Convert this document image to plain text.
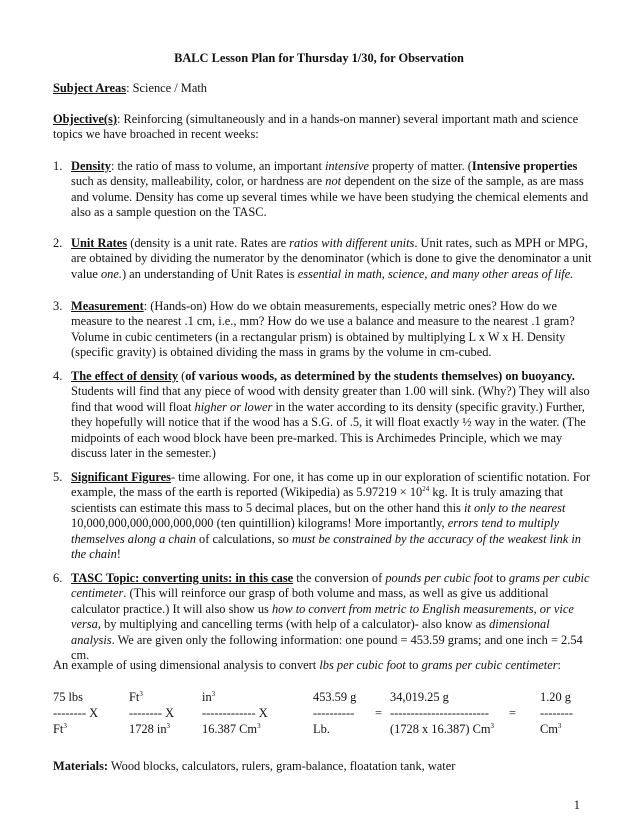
BALC Lesson Plan for Thursday 1/30, for Observation
Subject Areas: Science / Math
Objective(s): Reinforcing (simultaneously and in a hands-on manner) several important math and science topics we have broached in recent weeks:
1. Density: the ratio of mass to volume, an important intensive property of matter. (Intensive properties such as density, malleability, color, or hardness are not dependent on the size of the sample, as are mass and volume. Density has come up several times while we have been studying the chemical elements and also as a sample question on the TASC.
2. Unit Rates (density is a unit rate. Rates are ratios with different units. Unit rates, such as MPH or MPG, are obtained by dividing the numerator by the denominator (which is done to give the denominator a unit value one.) an understanding of Unit Rates is essential in math, science, and many other areas of life.
3. Measurement: (Hands-on) How do we obtain measurements, especially metric ones? How do we measure to the nearest .1 cm, i.e., mm? How do we use a balance and measure to the nearest .1 gram? Volume in cubic centimeters (in a rectangular prism) is obtained by multiplying L x W x H. Density (specific gravity) is obtained dividing the mass in grams by the volume in cm-cubed.
4. The effect of density (of various woods, as determined by the students themselves) on buoyancy. Students will find that any piece of wood with density greater than 1.00 will sink. (Why?) They will also find that wood will float higher or lower in the water according to its density (specific gravity.) Further, they hopefully will notice that if the wood has a S.G. of .5, it will float exactly ½ way in the water. (The midpoints of each wood block have been pre-marked. This is Archimedes Principle, which we may discuss later in the semester.)
5. Significant Figures- time allowing. For one, it has come up in our exploration of scientific notation. For example, the mass of the earth is reported (Wikipedia) as $5.97219 \times 10^{24}$ kg. It is truly amazing that scientists can estimate this mass to 5 decimal places, but on the other hand this it only to the nearest 10,000,000,000,000,000,000 (ten quintillion) kilograms! More importantly, errors tend to multiply themselves along a chain of calculations, so must be constrained by the accuracy of the weakest link in the chain!
6. TASC Topic: converting units: in this case the conversion of pounds per cubic foot to grams per cubic centimeter. (This will reinforce our grasp of both volume and mass, as well as give us additional calculator practice.) It will also show us how to convert from metric to English measurements, or vice versa, by multiplying and cancelling terms (with help of a calculator)- also know as dimensional analysis. We are given only the following information: one pound = 453.59 grams; and one inch = 2.54 cm.
An example of using dimensional analysis to convert lbs per cubic foot to grams per cubic centimeter:
75 lbs	Ft$^3$	$in^3$	453.59 g	34,019.25 g	1.20 g
-------- X -------- X ------------- X	---------- = ------------------------ = --------
Ft$^3$	1728 $in^3$	16.387 Cm$^3$	Lb.	(1728 x 16.387) Cm$^3$	Cm$^3$
Materials: Wood blocks, calculators, rulers, gram-balance, floatation tank, water
1
